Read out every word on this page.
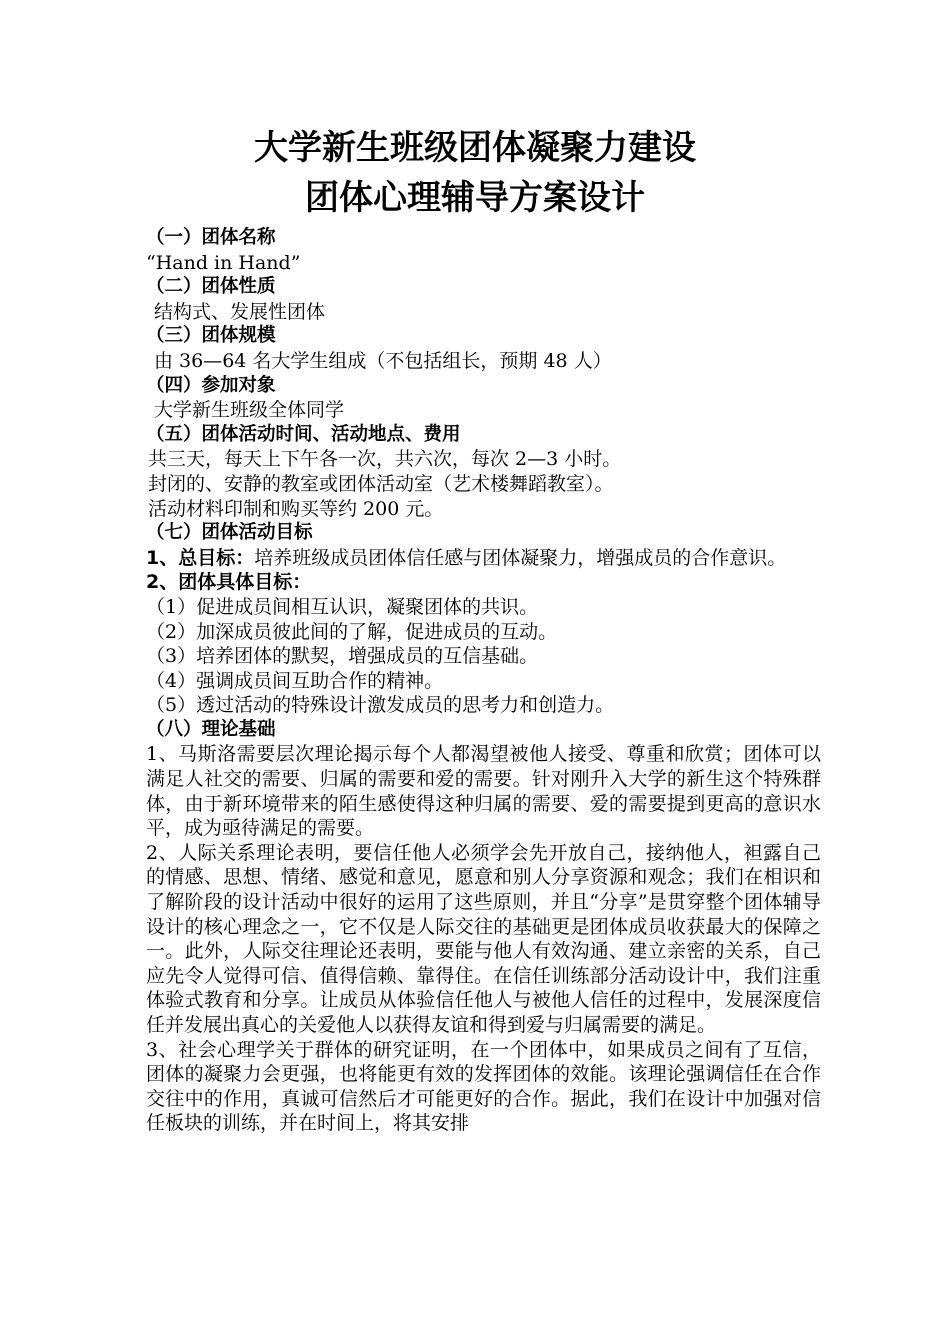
大学新生班级团体凝聚力建设
团体心理辅导方案设计
（一）团体名称
“Hand in Hand”
（二）团体性质
结构式、发展性团体
（三）团体规模
由 36—64 名大学生组成（不包括组长，预期 48 人）
（四）参加对象
大学新生班级全体同学
（五）团体活动时间、活动地点、费用
共三天，每天上下午各一次，共六次，每次 2—3 小时。
封闭的、安静的教室或团体活动室（艺术楼舞蹈教室）。
活动材料印制和购买等约 200 元。
（七）团体活动目标
1、总目标：培养班级成员团体信任感与团体凝聚力，增强成员的合作意识。
2、团体具体目标：
（1）促进成员间相互认识，凝聚团体的共识。
（2）加深成员彼此间的了解，促进成员的互动。
（3）培养团体的默契，增强成员的互信基础。
（4）强调成员间互助合作的精神。
（5）透过活动的特殊设计激发成员的思考力和创造力。
（八）理论基础
1、马斯洛需要层次理论揭示每个人都渴望被他人接受、尊重和欣赏；团体可以满足人社交的需要、归属的需要和爱的需要。针对刚升入大学的新生这个特殊群体，由于新环境带来的陌生感使得这种归属的需要、爱的需要提到更高的意识水平，成为亟待满足的需要。
2、人际关系理论表明，要信任他人必须学会先开放自己，接纳他人，袒露自己的情感、思想、情绪、感觉和意见，愿意和别人分享资源和观念；我们在相识和了解阶段的设计活动中很好的运用了这些原则，并且“分享”是贯穿整个团体辅导设计的核心理念之一，它不仅是人际交往的基础更是团体成员收获最大的保障之一。此外，人际交往理论还表明，要能与他人有效沟通、建立亲密的关系，自己应先令人觉得可信、值得信赖、靠得住。在信任训练部分活动设计中，我们注重体验式教育和分享。让成员从体验信任他人与被他人信任的过程中，发展深度信任并发展出真心的关爱他人以获得友谊和得到爱与归属需要的满足。
3、社会心理学关于群体的研究证明，在一个团体中，如果成员之间有了互信，团体的凝聚力会更强，也将能更有效的发挥团体的效能。该理论强调信任在合作交往中的作用，真诚可信然后才可能更好的合作。据此，我们在设计中加强对信任板块的训练，并在时间上，将其安排
